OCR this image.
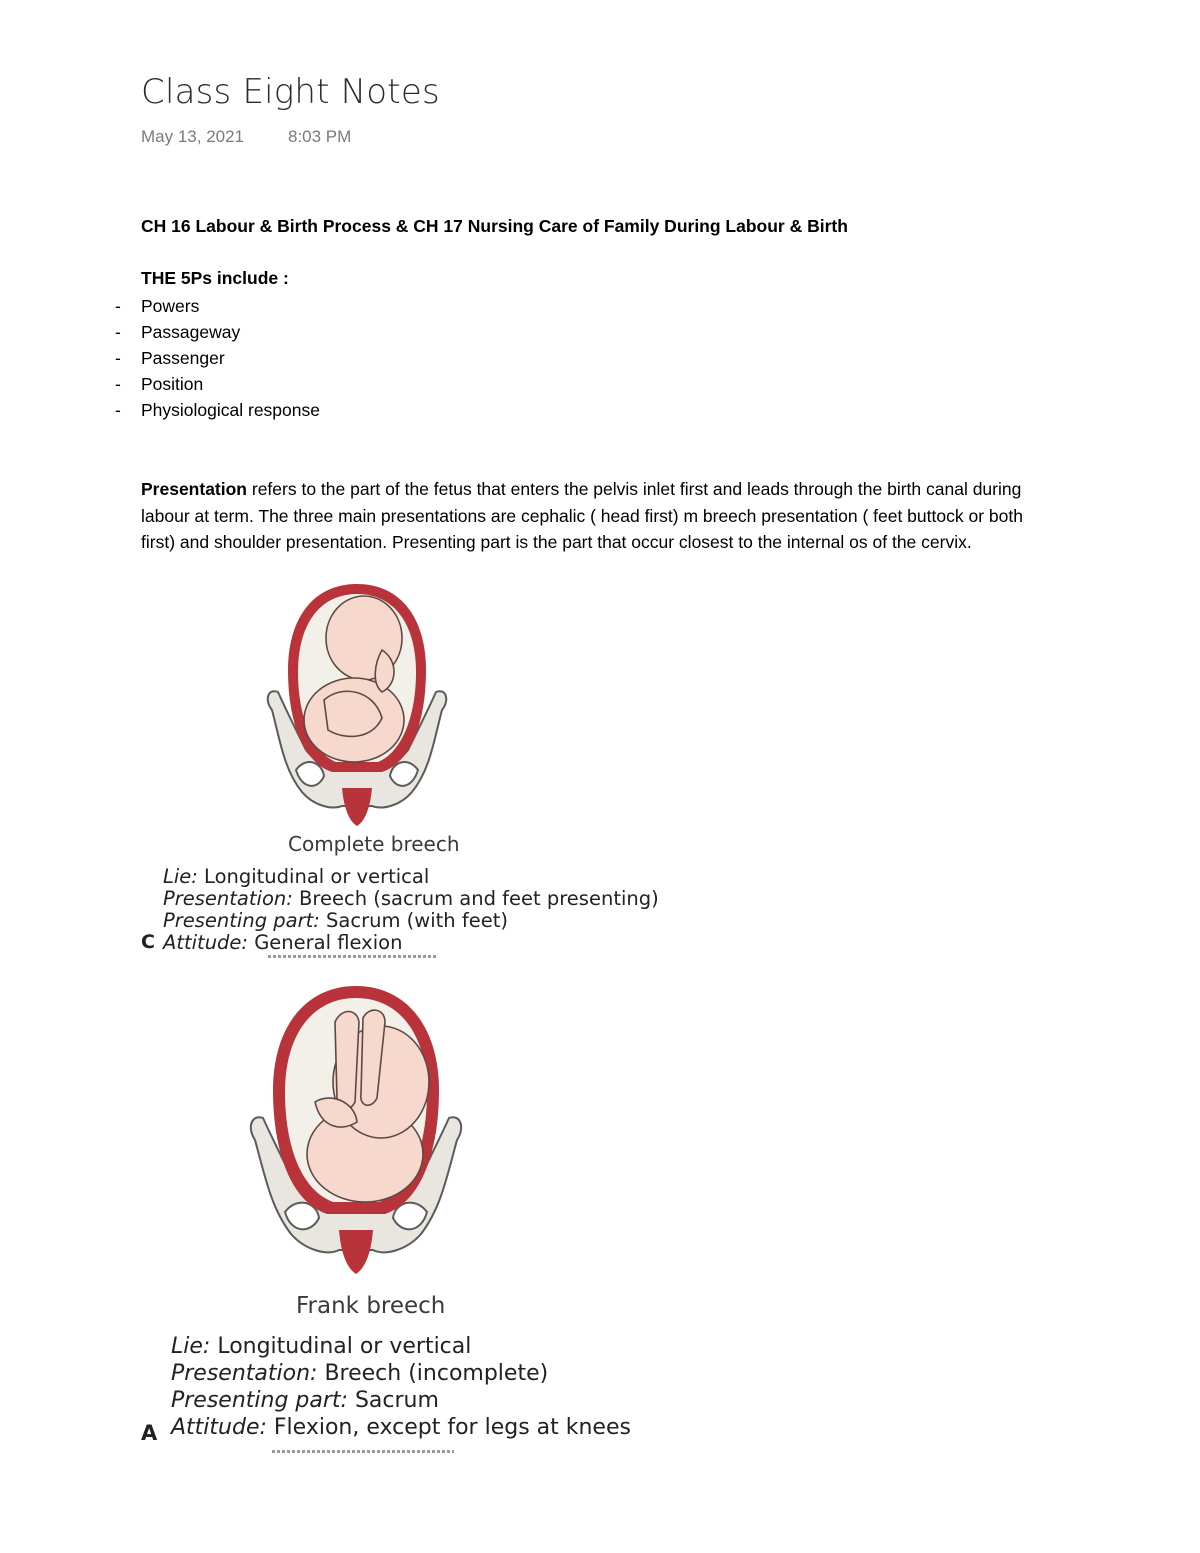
Class Eight Notes
May 13, 2021	8:03 PM
CH 16 Labour & Birth Process & CH 17 Nursing Care of Family During Labour & Birth
THE 5Ps include :
- Powers
- Passageway
- Passenger
- Position
- Physiological response
Presentation refers to the part of the fetus that enters the pelvis inlet first and leads through the birth canal during labour at term. The three main presentations are cephalic ( head first) m breech presentation ( feet buttock or both first) and shoulder presentation. Presenting part is the part that occur closest to the internal os of the cervix.
Complete breech
Lie: Longitudinal or vertical
Presentation: Breech (sacrum and feet presenting)
Presenting part: Sacrum (with feet)
Attitude: General flexion
C
Frank breech
Lie: Longitudinal or vertical
Presentation: Breech (incomplete)
Presenting part: Sacrum
Attitude: Flexion, except for legs at knees
A
